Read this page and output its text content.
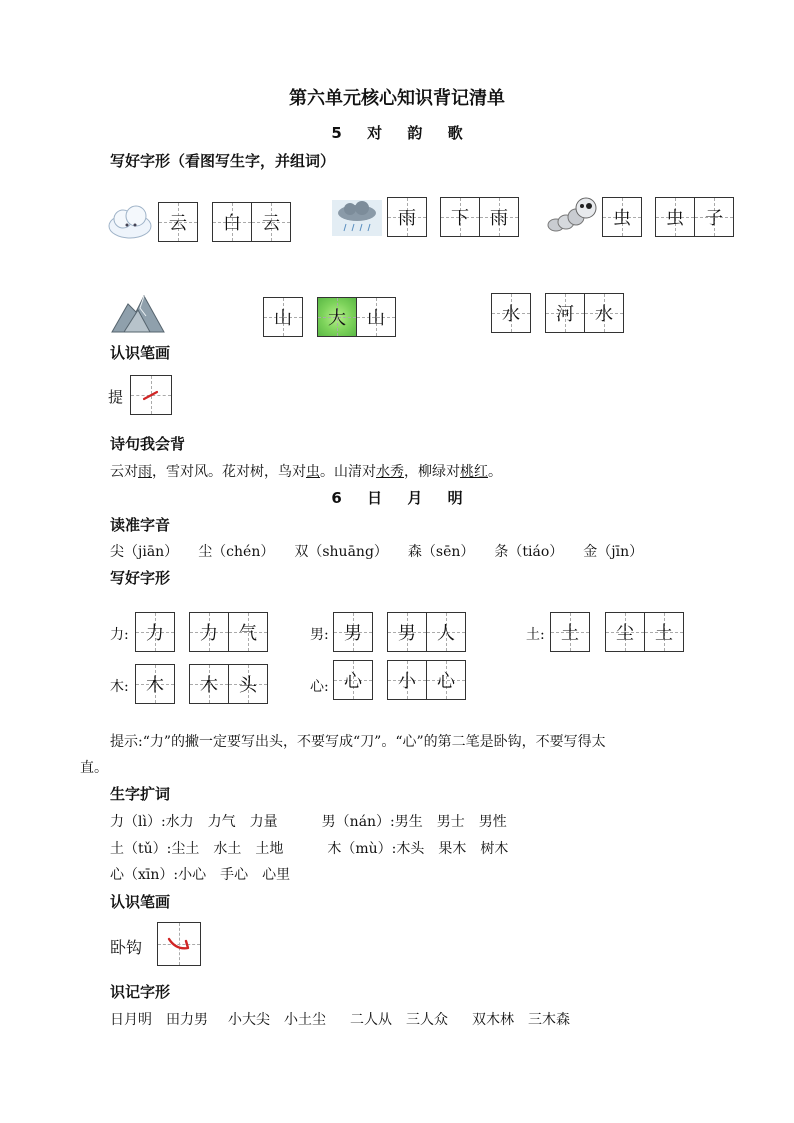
第六单元核心知识背记清单
5 对 韵 歌
写好字形（看图写生字，并组词）
云 白 云	雨 下 雨	虫 虫 子
山 大 山	水 河 水
认识笔画
提
诗句我会背
云对雨，雪对风。花对树，鸟对虫。山清对水秀，柳绿对桃红。
6 日 月 明
读准字音
尖（jiān） 尘（chén） 双（shuāng） 森（sēn） 条（tiáo） 金（jīn）
写好字形
力: 力 力 气	男: 男 男 人	土: 土 尘 土
木: 木 木 头	心: 心 小 心
提示:“力”的撇一定要写出头，不要写成“刀”。“心”的第二笔是卧钩，不要写得太
直。
生字扩词
力（lì）:水力 力气 力量	男（nán）:男生 男士 男性
土（tǔ）:尘土 水土 土地	木（mù）:木头 果木 树木
心（xīn）:小心 手心 心里
认识笔画
卧钩
识记字形
日月明 田力男 小大尖 小土尘 二人从 三人众 双木林 三木森
